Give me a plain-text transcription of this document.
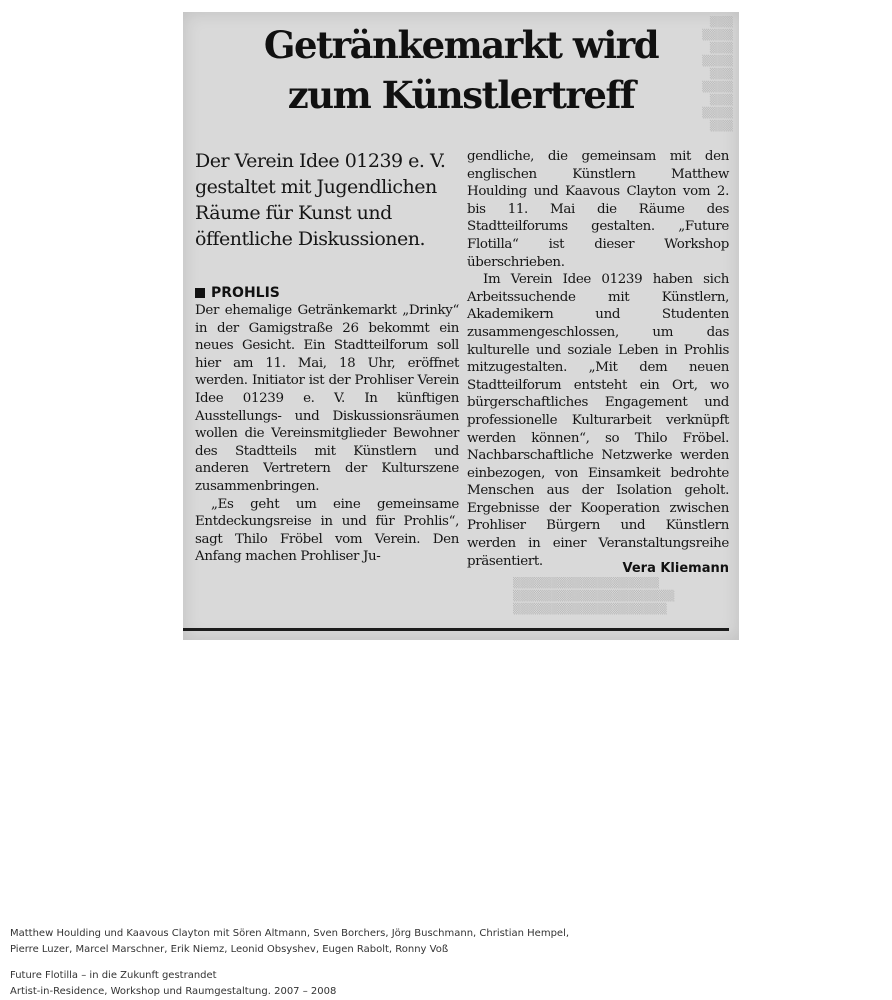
▒▒▒
▒▒▒▒
▒▒▒
▒▒▒▒
▒▒▒
▒▒▒▒
▒▒▒
▒▒▒▒
▒▒▒
▒▒▒▒▒▒▒▒▒▒▒▒▒▒▒▒▒▒▒
▒▒▒▒▒▒▒▒▒▒▒▒▒▒▒▒▒▒▒▒▒
▒▒▒▒▒▒▒▒▒▒▒▒▒▒▒▒▒▒▒▒
Getränkemarkt wird
zum Künstlertreff
Der Verein Idee 01239 e. V. gestaltet mit Jugendlichen Räume für Kunst und öffentliche Diskussionen.
PROHLIS

Der ehemalige Getränkemarkt „Drinky“ in der Gamigstraße 26 bekommt ein neues Gesicht. Ein Stadtteilforum soll hier am 11. Mai, 18 Uhr, eröffnet werden. Initiator ist der Prohliser Verein Idee 01239 e. V. In künftigen Ausstellungs- und Diskussionsräumen wollen die Vereinsmitglieder Bewohner des Stadtteils mit Künstlern und anderen Vertretern der Kulturszene zusammenbringen.

„Es geht um eine gemeinsame Entdeckungsreise in und für Prohlis“, sagt Thilo Fröbel vom Verein. Den Anfang machen Prohliser Ju-

gendliche, die gemeinsam mit den englischen Künstlern Matthew Houlding und Kaavous Clayton vom 2. bis 11. Mai die Räume des Stadtteilforums gestalten. „Future Flotilla“ ist dieser Workshop überschrieben.

Im Verein Idee 01239 haben sich Arbeitssuchende mit Künstlern, Akademikern und Studenten zusammengeschlossen, um das kulturelle und soziale Leben in Prohlis mitzugestalten. „Mit dem neuen Stadtteilforum entsteht ein Ort, wo bürgerschaftliches Engagement und professionelle Kulturarbeit verknüpft werden können“, so Thilo Fröbel. Nachbarschaftliche Netzwerke werden einbezogen, von Einsamkeit bedrohte Menschen aus der Isolation geholt. Ergebnisse der Kooperation zwischen Prohliser Bürgern und Künstlern werden in einer Veranstaltungsreihe präsentiert.	Vera Kliemann

Matthew Houlding und Kaavous Clayton mit Sören Altmann, Sven Borchers, Jörg Buschmann, Christian Hempel,

Pierre Luzer, Marcel Marschner, Erik Niemz, Leonid Obsyshev, Eugen Rabolt, Ronny Voß

Future Flotilla – in die Zukunft gestrandet

Artist-in-Residence, Workshop und Raumgestaltung. 2007 – 2008
